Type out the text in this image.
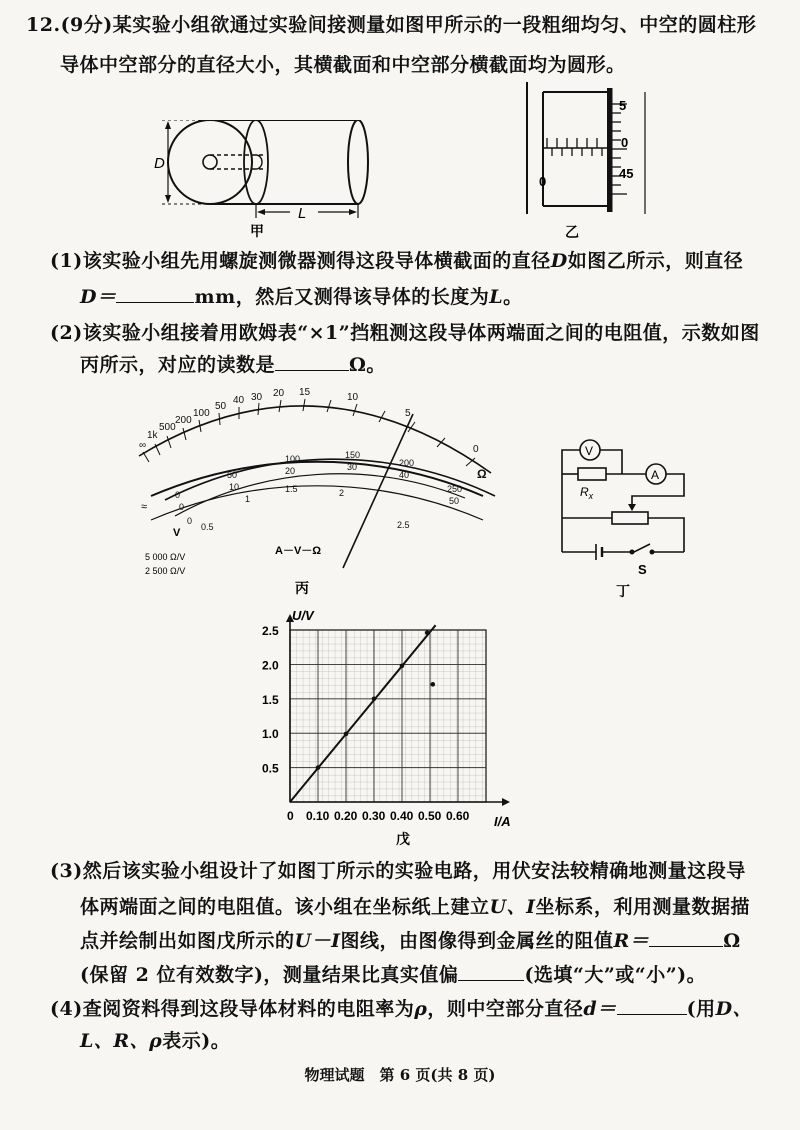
12.(9分)某实验小组欲通过实验间接测量如图甲所示的一段粗细均匀、中空的圆柱形
导体中空部分的直径大小，其横截面和中空部分横截面均为圆形。
D
L
甲
0
5
0
45
乙
(1)该实验小组先用螺旋测微器测得这段导体横截面的直径D如图乙所示，则直径
D＝	mm，然后又测得该导体的长度为L。
(2)该实验小组接着用欧姆表“×1”挡粗测这段导体两端面之间的电阻值，示数如图
丙所示，对应的读数是	Ω。
∞
1k
500
200
100
50
40 30 20 15	10
5
0
Ω
0
50
100	150
200
250
0
10
20	30
40
50
0
0.5
1
1.5	2
2.5
≈
V
5 000 Ω/V
2 500 Ω/V
A－V－Ω
丙
V
A
$R_x$
S
丁
0 0.10 0.20 0.30 0.40 0.50 0.60
0.5
1.0
1.5
2.0
2.5
I/A
U/V
戊
(3)然后该实验小组设计了如图丁所示的实验电路，用伏安法较精确地测量这段导
体两端面之间的电阻值。该小组在坐标纸上建立U、I坐标系，利用测量数据描
点并绘制出如图戊所示的U－I图线，由图像得到金属丝的阻值R＝	Ω
(保留 2 位有效数字)，测量结果比真实值偏	(选填“大”或“小”)。
(4)查阅资料得到这段导体材料的电阻率为ρ，则中空部分直径d＝	(用D、
L、R、ρ表示)。
物理试题　第 6 页(共 8 页)
